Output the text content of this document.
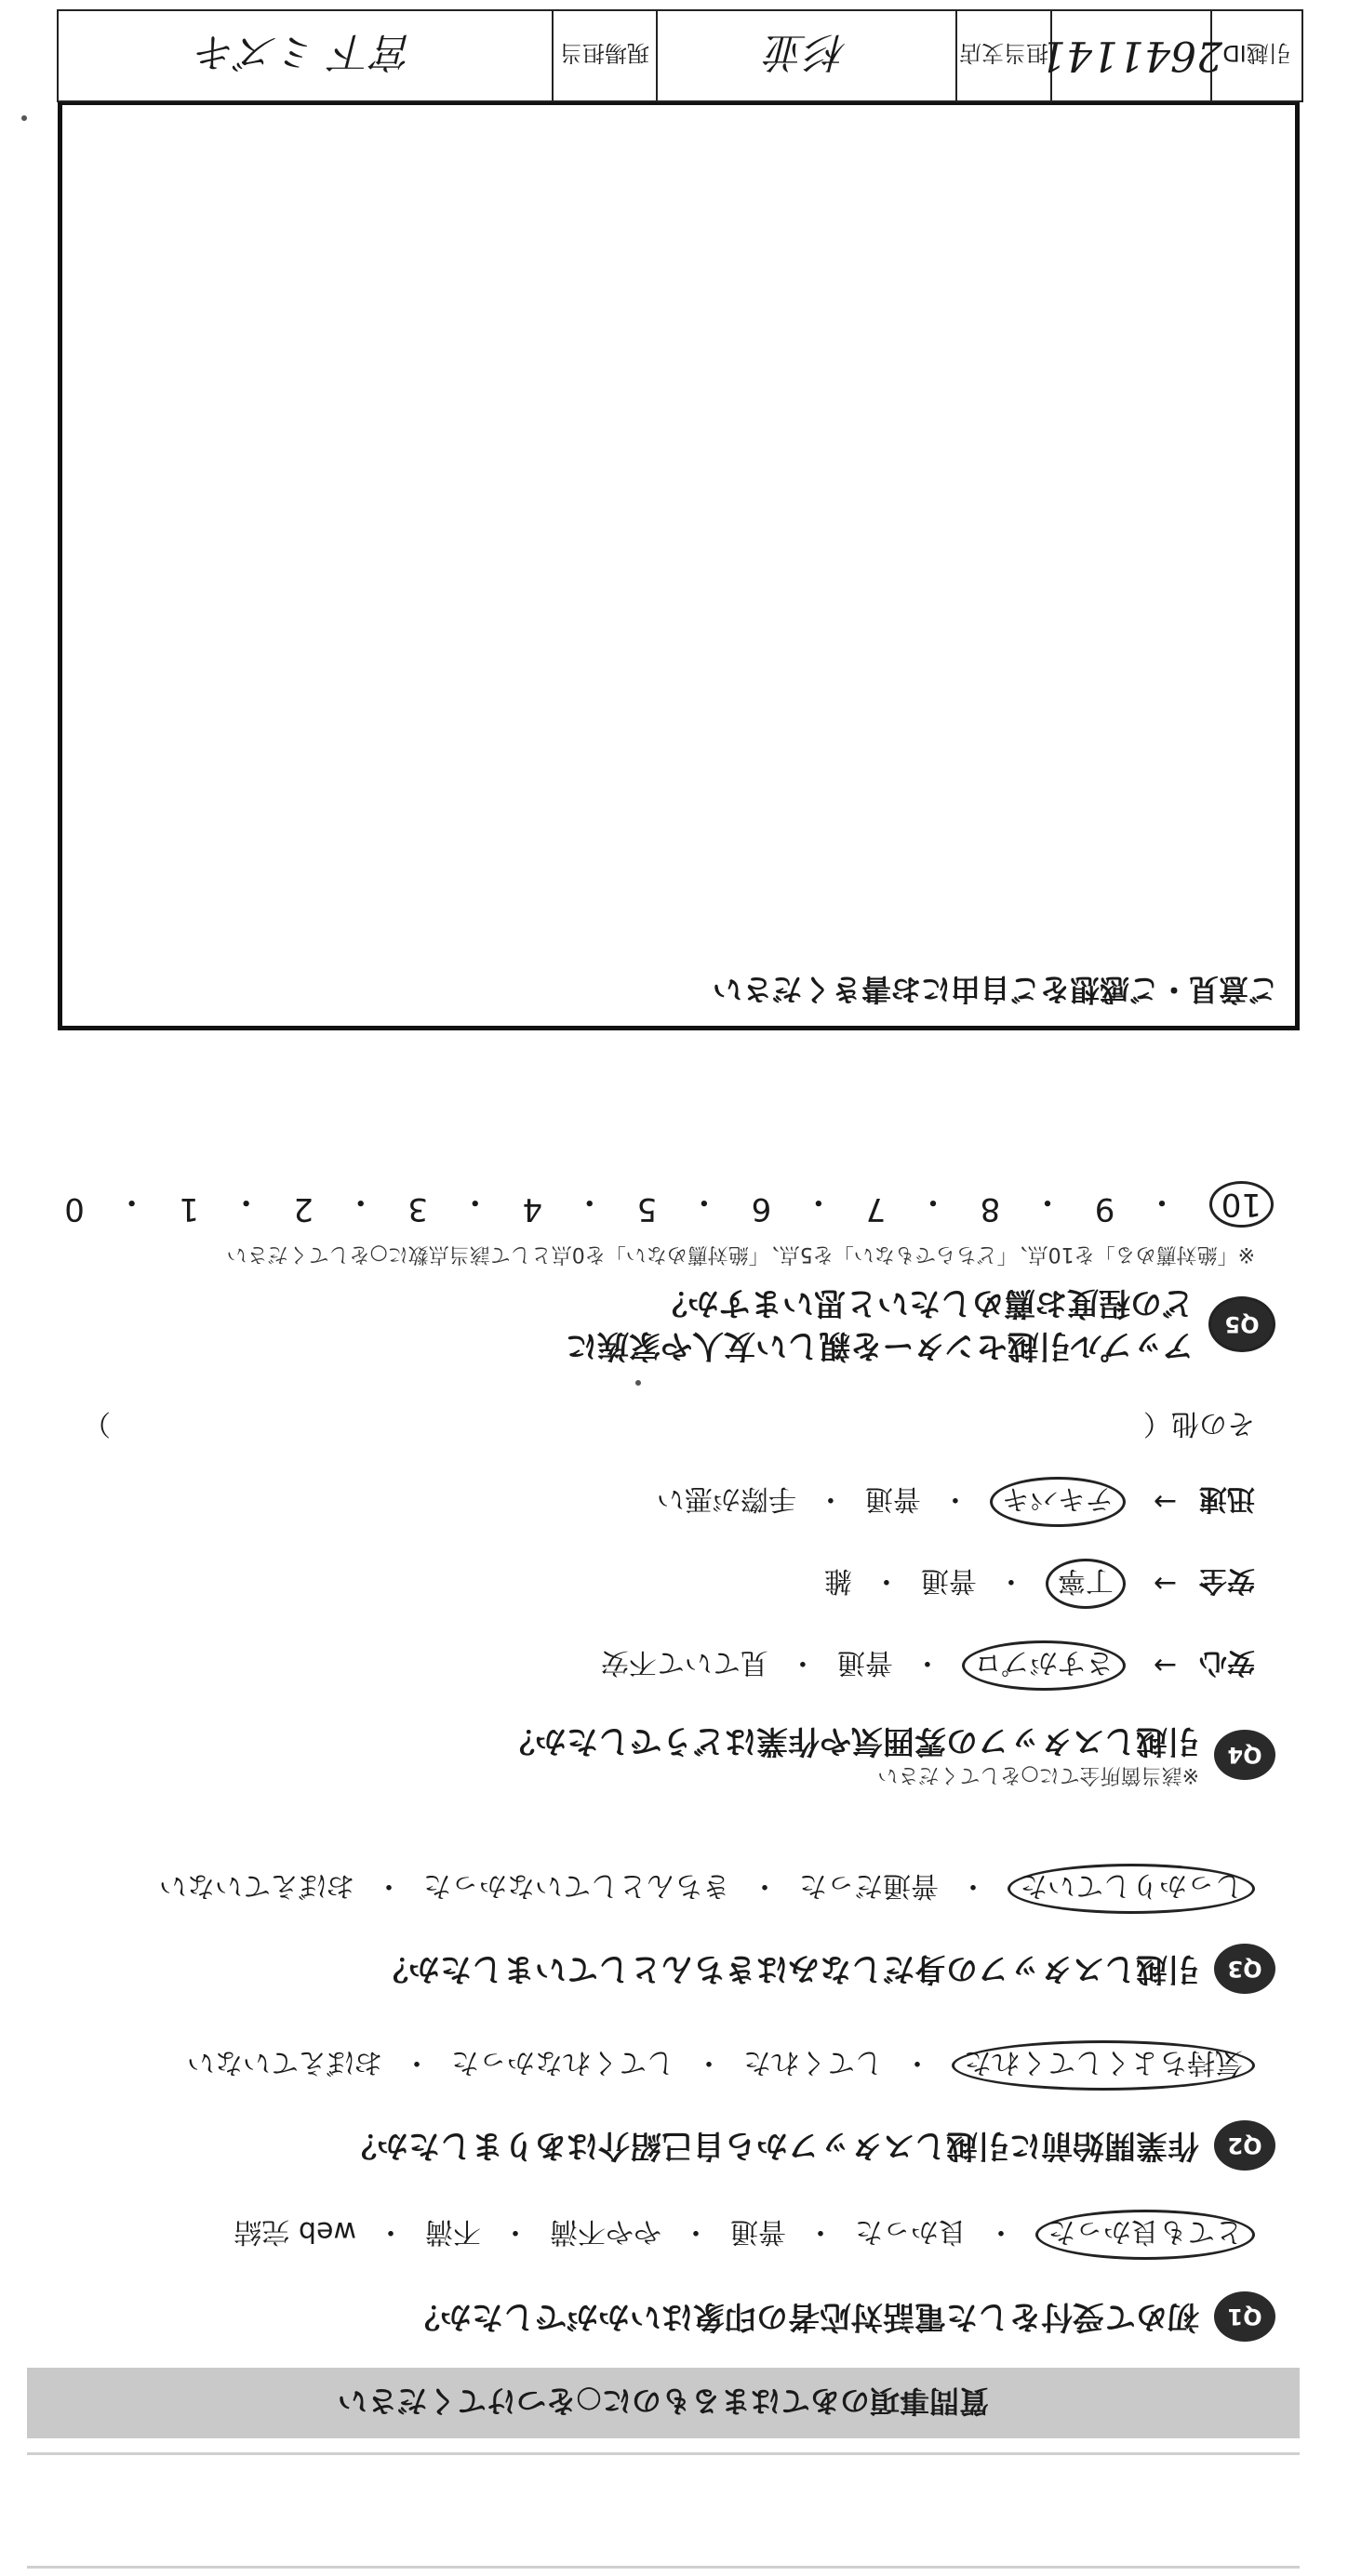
質問事項のあてはまるものに○をつけてください
Q1
初めて受付をした電話対応者の印象はいかがでしたか？
とても良かった
・
良かった
・
普通
・
やや不満
・
不満
・
web 完結
Q2
作業開始前に引越しスタッフから自己紹介はありましたか？
気持ちよくしてくれた
・
してくれた
・
してくれなかった
・
おぼえていない
Q3
引越しスタッフの身だしなみはきちんとしていましたか？
しっかりしていた
・
普通だった
・
きちんとしていなかった
・
おぼえていない
Q4
※該当箇所全てに○をしてください
引越しスタッフの雰囲気や作業はどうでしたか？
安心
→
さすがプロ
・
普通
・
見ていて不安
安全
→
丁寧
・
普通
・
雑
迅速
→
テキパキ
・
普通
・
手際が悪い
その他（
）
Q5
アップル引越センターを親しい友人や家族に
どの程度お薦めしたいと思いますか？
※「絶対薦める」を10点、「どちらでもない」を5点、「絶対薦めない」を0点として該当点数に○をしてください
10
・
9
・
8
・
7
・
6
・
5
・
4
・
3
・
2
・
1
・
0
ご意見・ご感想をご自由にお書きください
引越ID
2641141
担当支店
杉並
現場担当
宮下 ミズキ
